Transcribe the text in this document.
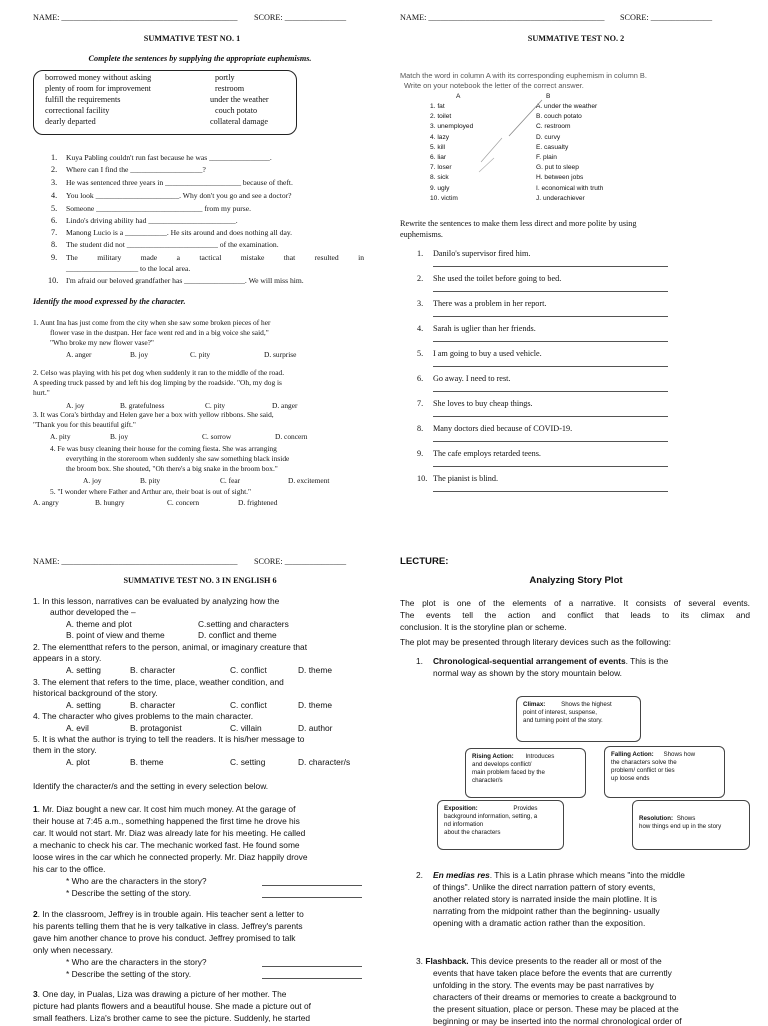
NAME: ___________________________________________ SCORE: _______________
SUMMATIVE TEST NO. 1
Complete the sentences by supplying the appropriate euphemisms.
borrowed money without asking
plenty of room for improvement
fulfill the requirements
correctional facility
dearly departed
portly
restroom
under the weather
couch potato
collateral damage
1. Kuya Pabling couldn't run fast because he was ________________.
2. Where can I find the ___________________?
3. He was sentenced three years in ____________________ because of theft.
4. You look ______________________. Why don't you go and see a doctor?
5. Someone ____________________________ from my purse.
6. Lindo's driving ability had _______________________.
7. Manong Lucio is a ___________. He sits around and does nothing all day.
8. The student did not ________________________ of the examination.
9. The military made a tactical mistake that resulted in
___________________ to the local area.
10. I'm afraid our beloved grandfather has ________________. We will miss him.
Identify the mood expressed by the character.
1. Aunt Ina has just come from the city when she saw some broken pieces of her
flower vase in the dustpan. Her face went red and in a big voice she said,"
"Who broke my new flower vase?"
A. anger	B. joy	C. pity	D. surprise
2. Celso was playing with his pet dog when suddenly it ran to the middle of the road.
A speeding truck passed by and left his dog limping by the roadside. "Oh, my dog is
hurt."
A. joy	B. gratefulness	C. pity	D. anger
3. It was Cora's birthday and Helen gave her a box with yellow ribbons. She said,
"Thank you for this beautiful gift."
A. pity	B. joy	C. sorrow	D. concern
4. Fe was busy cleaning their house for the coming fiesta. She was arranging
everything in the storeroom when suddenly she saw something black inside
the broom box. She shouted, "Oh there's a big snake in the broom box."
A. joy	B. pity	C. fear	D. excitement
5. "I wonder where Father and Arthur are, their boat is out of sight."
A. angry	B. hungry	C. concern	D. frightened
NAME: ___________________________________________ SCORE: _______________
SUMMATIVE TEST NO. 2
Match the word in column A with its corresponding euphemism in column B.
Write on your notebook the letter of the correct answer.
A	B
1. fat
2. toilet
3. unemployed
4. lazy
5. kill
6. liar
7. loser
8. sick
9. ugly
10. victim
A. under the weather
B. couch potato
C. restroom
D. curvy
E. casualty
F. plain
G. put to sleep
H. between jobs
I. economical with truth
J. underachiever
Rewrite the sentences to make them less direct and more polite by using
euphemisms.
1. Danilo's supervisor fired him.
2. She used the toilet before going to bed.
3. There was a problem in her report.
4. Sarah is uglier than her friends.
5. I am going to buy a used vehicle.
6. Go away. I need to rest.
7. She loves to buy cheap things.
8. Many doctors died because of COVID-19.
9. The cafe employs retarded teens.
10. The pianist is blind.
NAME: ___________________________________________ SCORE: _______________
SUMMATIVE TEST NO. 3 IN ENGLISH 6
1. In this lesson, narratives can be evaluated by analyzing how the
author developed the –
A. theme and plot	C.setting and characters
B. point of view and theme	D. conflict and theme
2. The elementthat refers to the person, animal, or imaginary creature that
appears in a story.
A. setting	B. character	C. conflict	D. theme
3. The element that refers to the time, place, weather condition, and
historical background of the story.
A. setting	B. character	C. conflict	D. theme
4. The character who gives problems to the main character.
A. evil	B. protagonist	C. villain	D. author
5. It is what the author is trying to tell the readers. It is his/her message to
them in the story.
A. plot	B. theme	C. setting	D. character/s
Identify the character/s and the setting in every selection below.
1. Mr. Diaz bought a new car. It cost him much money. At the garage of
their house at 7:45 a.m., something happened the first time he drove his
car. It would not start. Mr. Diaz was already late for his meeting. He called
a mechanic to check his car. The mechanic worked fast. He found some
loose wires in the car which he connected properly. Mr. Diaz happily drove
his car to the office.
* Who are the characters in the story?
* Describe the setting of the story.
2. In the classroom, Jeffrey is in trouble again. His teacher sent a letter to
his parents telling them that he is very talkative in class. Jeffrey's parents
gave him another chance to prove his conduct. Jeffrey promised to talk
only when necessary.
* Who are the characters in the story?
* Describe the setting of the story.
3. One day, in Pualas, Liza was drawing a picture of her mother. The
picture had plants flowers and a beautiful house. She made a picture out of
small feathers. Liza's brother came to see the picture. Suddenly, he started
LECTURE:
Analyzing Story Plot
The plot is one of the elements of a narrative. It consists of several events.
The events tell the action and conflict that leads to its climax and
conclusion. It is the storyline plan or scheme.
The plot may be presented through literary devices such as the following:
1. Chronological-sequential arrangement of events. This is the
normal way as shown by the story mountain below.
Climax:	Shows the highest
point of interest, suspense,
and turning point of the story.
Rising Action: Introduces
and develops conflict/
main problem faced by the
character/s
Falling Action: Shows how
the characters solve the
problem/ conflict or ties
up loose ends
Exposition:	Provides
background information, setting, a
nd information
about the characters
Resolution: Shows
how things end up in the story
2. En medias res. This is a Latin phrase which means "into the middle
of things". Unlike the direct narration pattern of story events,
another related story is narrated inside the main plotline. It is
narrating from the midpoint rather than the beginning- usually
opening with a dramatic action rather than the exposition.
3. Flashback. This device presents to the reader all or most of the
events that have taken place before the events that are currently
unfolding in the story. The events may be past narratives by
characters of their dreams or memories to create a background to
the present situation, place or person. These may be placed at the
beginning or may be inserted into the normal chronological order of
